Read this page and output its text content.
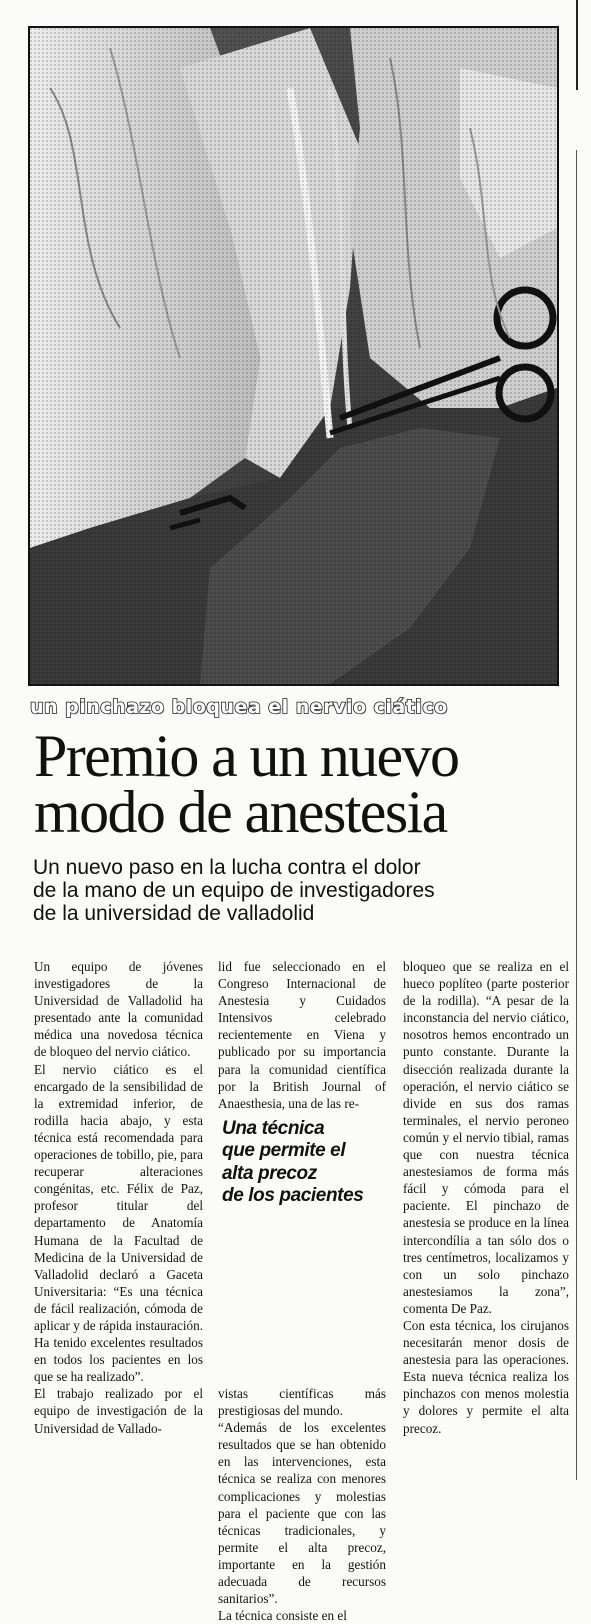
un pinchazo bloquea el nervio ciático
Premio a un nuevo
modo de anestesia
Un nuevo paso en la lucha contra el dolor
de la mano de un equipo de investigadores
de la universidad de valladolid

Un equipo de jóvenes investigadores de la Universidad de Valladolid ha presentado ante la comunidad médica una novedosa técnica de bloqueo del nervio ciático.

El nervio ciático es el encargado de la sensibilidad de la extremidad inferior, de rodilla hacia abajo, y esta técnica está recomendada para operaciones de tobillo, pie, para recuperar alteraciones congénitas, etc. Félix de Paz, profesor titular del departamento de Anatomía Humana de la Facultad de Medicina de la Universidad de Valladolid declaró a Gaceta Universitaria: “Es una técnica de fácil realización, cómoda de aplicar y de rápida instauración. Ha tenido excelentes resultados en todos los pacientes en los que se ha realizado”.

El trabajo realizado por el equipo de investigación de la Universidad de Vallado-

lid fue seleccionado en el Congreso Internacional de Anestesia y Cuidados Intensivos celebrado recientemente en Viena y publicado por su importancia para la comunidad científica por la British Journal of Anaesthesia, una de las re-

Una técnica
que permite el
alta precoz
de los pacientes

vistas científicas más prestigiosas del mundo.

“Además de los excelentes resultados que se han obtenido en las intervenciones, esta técnica se realiza con menores complicaciones y molestias para el paciente que con las técnicas tradicionales, y permite el alta precoz, importante en la gestión adecuada de recursos sanitarios”.

La técnica consiste en el

bloqueo que se realiza en el hueco poplíteo (parte posterior de la rodilla). “A pesar de la inconstancia del nervio ciático, nosotros hemos encontrado un punto constante. Durante la disección realizada durante la operación, el nervio ciático se divide en sus dos ramas terminales, el nervio peroneo común y el nervio tibial, ramas que con nuestra técnica anestesiamos de forma más fácil y cómoda para el paciente. El pinchazo de anestesia se produce en la línea intercondília a tan sólo dos o tres centímetros, localizamos y con un solo pinchazo anestesiamos la zona”, comenta De Paz.

Con esta técnica, los cirujanos necesitarán menor dosis de anestesia para las operaciones. Esta nueva técnica realiza los pinchazos con menos molestia y dolores y permite el alta precoz.
